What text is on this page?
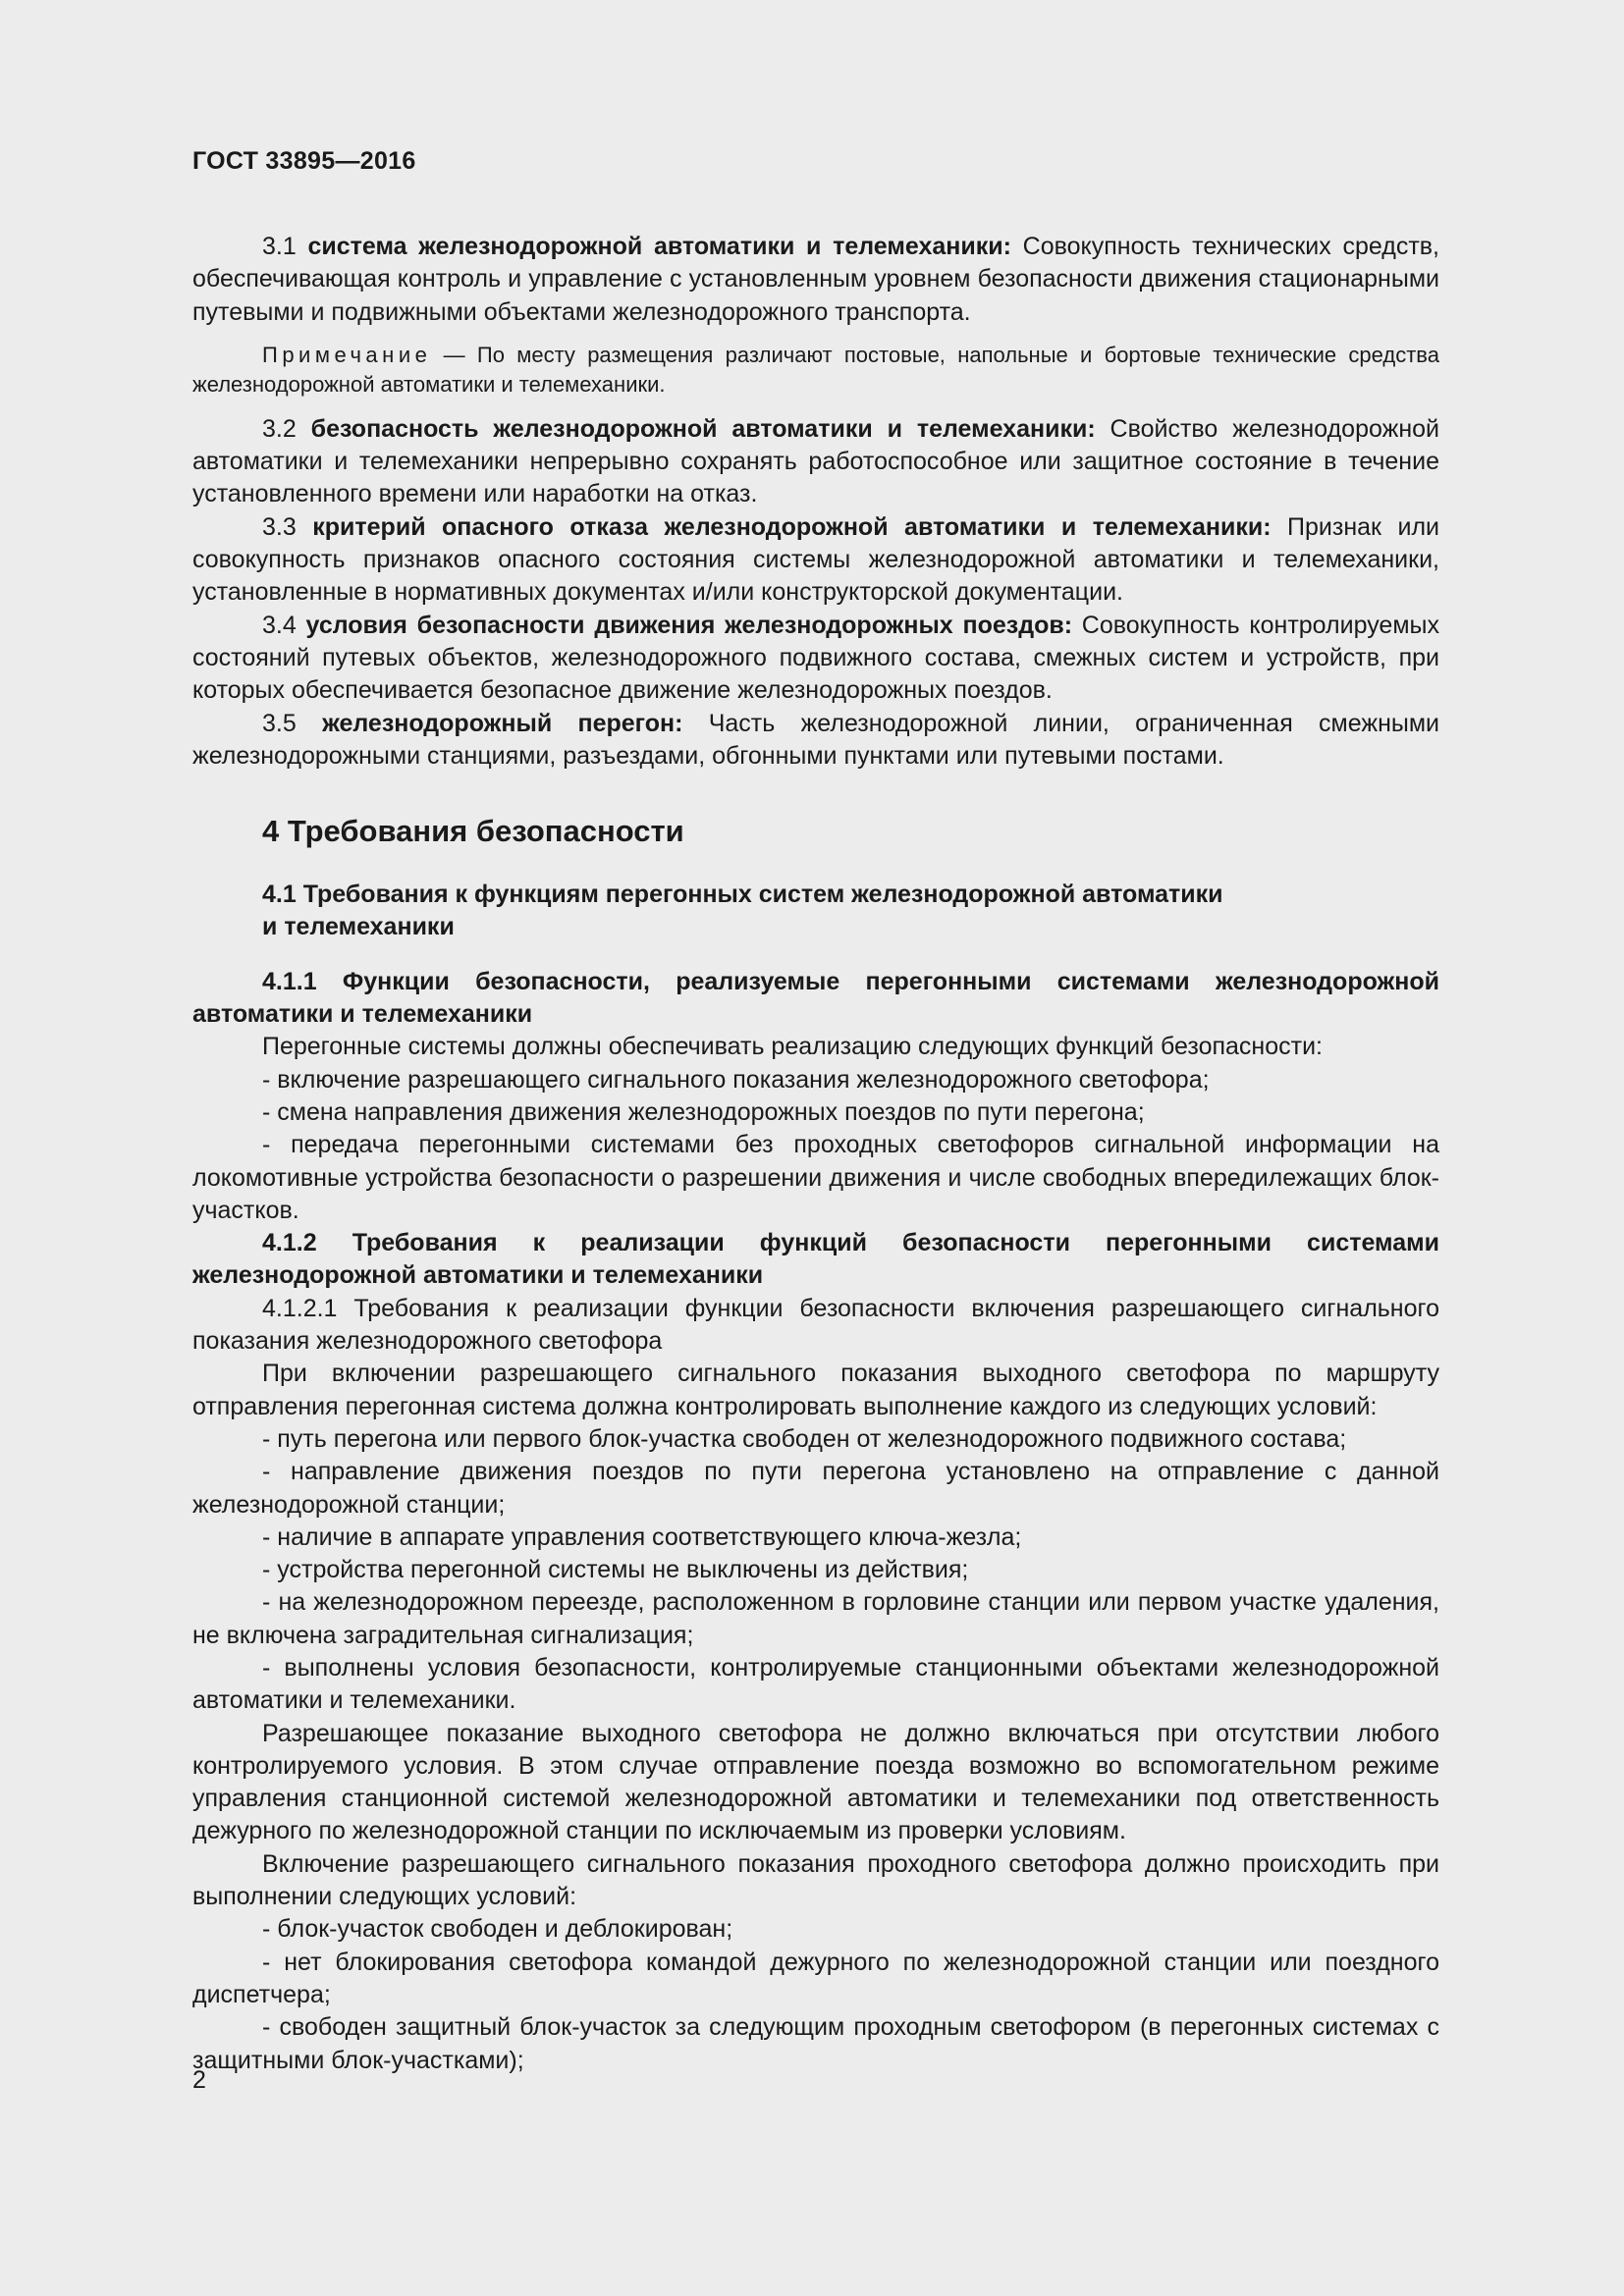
ГОСТ 33895—2016

3.1 система железнодорожной автоматики и телемеханики: Совокупность технических средств, обеспечивающая контроль и управление с установленным уровнем безопасности движения стационарными путевыми и подвижными объектами железнодорожного транспорта.

Примечание — По месту размещения различают постовые, напольные и бортовые технические средства железнодорожной автоматики и телемеханики.

3.2 безопасность железнодорожной автоматики и телемеханики: Свойство железнодорожной автоматики и телемеханики непрерывно сохранять работоспособное или защитное состояние в течение установленного времени или наработки на отказ.

3.3 критерий опасного отказа железнодорожной автоматики и телемеханики: Признак или совокупность признаков опасного состояния системы железнодорожной автоматики и телемеханики, установленные в нормативных документах и/или конструкторской документации.

3.4 условия безопасности движения железнодорожных поездов: Совокупность контролируемых состояний путевых объектов, железнодорожного подвижного состава, смежных систем и устройств, при которых обеспечивается безопасное движение железнодорожных поездов.

3.5 железнодорожный перегон: Часть железнодорожной линии, ограниченная смежными железнодорожными станциями, разъездами, обгонными пунктами или путевыми постами.

4 Требования безопасности
4.1 Требования к функциям перегонных систем железнодорожной автоматики
и телемеханики

4.1.1 Функции безопасности, реализуемые перегонными системами железнодорожной автоматики и телемеханики

Перегонные системы должны обеспечивать реализацию следующих функций безопасности:

- включение разрешающего сигнального показания железнодорожного светофора;

- смена направления движения железнодорожных поездов по пути перегона;

- передача перегонными системами без проходных светофоров сигнальной информации на локомотивные устройства безопасности о разрешении движения и числе свободных впередилежащих блок-участков.

4.1.2 Требования к реализации функций безопасности перегонными системами железнодорожной автоматики и телемеханики

4.1.2.1 Требования к реализации функции безопасности включения разрешающего сигнального показания железнодорожного светофора

При включении разрешающего сигнального показания выходного светофора по маршруту отправления перегонная система должна контролировать выполнение каждого из следующих условий:

- путь перегона или первого блок-участка свободен от железнодорожного подвижного состава;

- направление движения поездов по пути перегона установлено на отправление с данной железнодорожной станции;

- наличие в аппарате управления соответствующего ключа-жезла;

- устройства перегонной системы не выключены из действия;

- на железнодорожном переезде, расположенном в горловине станции или первом участке удаления, не включена заградительная сигнализация;

- выполнены условия безопасности, контролируемые станционными объектами железнодорожной автоматики и телемеханики.

Разрешающее показание выходного светофора не должно включаться при отсутствии любого контролируемого условия. В этом случае отправление поезда возможно во вспомогательном режиме управления станционной системой железнодорожной автоматики и телемеханики под ответственность дежурного по железнодорожной станции по исключаемым из проверки условиям.

Включение разрешающего сигнального показания проходного светофора должно происходить при выполнении следующих условий:

- блок-участок свободен и деблокирован;

- нет блокирования светофора командой дежурного по железнодорожной станции или поездного диспетчера;

- свободен защитный блок-участок за следующим проходным светофором (в перегонных системах с защитными блок-участками);

2
